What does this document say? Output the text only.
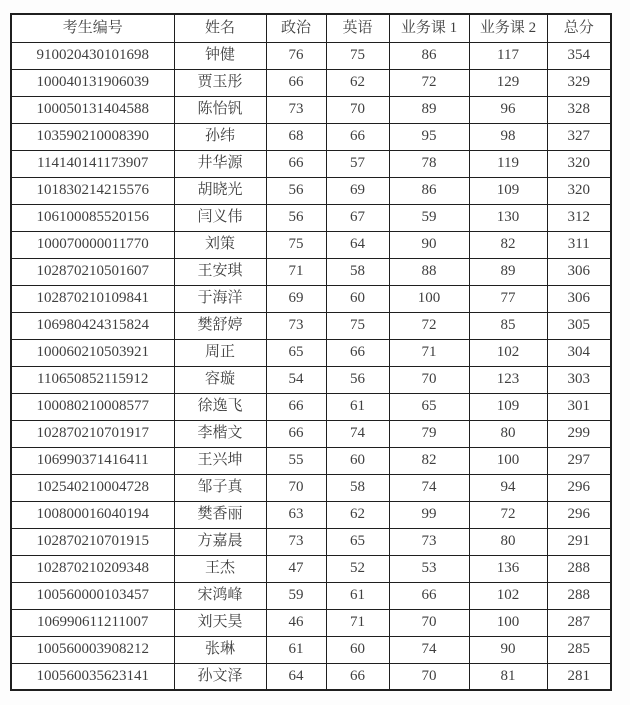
考生编号	姓名	政治	英语	业务课 1	业务课 2	总分
910020430101698	钟健	76	75	86	117	354
100040131906039	贾玉彤	66	62	72	129	329
100050131404588	陈怡钒	73	70	89	96	328
103590210008390	孙纬	68	66	95	98	327
114140141173907	井华源	66	57	78	119	320
101830214215576	胡晓光	56	69	86	109	320
106100085520156	闫义伟	56	67	59	130	312
100070000011770	刘策	75	64	90	82	311
102870210501607	王安琪	71	58	88	89	306
102870210109841	于海洋	69	60	100	77	306
106980424315824	樊舒婷	73	75	72	85	305
100060210503921	周正	65	66	71	102	304
110650852115912	容璇	54	56	70	123	303
100080210008577	徐逸飞	66	61	65	109	301
102870210701917	李楷文	66	74	79	80	299
106990371416411	王兴坤	55	60	82	100	297
102540210004728	邹子真	70	58	74	94	296
100800016040194	樊香丽	63	62	99	72	296
102870210701915	方嘉晨	73	65	73	80	291
102870210209348	王杰	47	52	53	136	288
100560000103457	宋鸿峰	59	61	66	102	288
106990611211007	刘天昊	46	71	70	100	287
100560003908212	张琳	61	60	74	90	285
100560035623141	孙文泽	64	66	70	81	281
